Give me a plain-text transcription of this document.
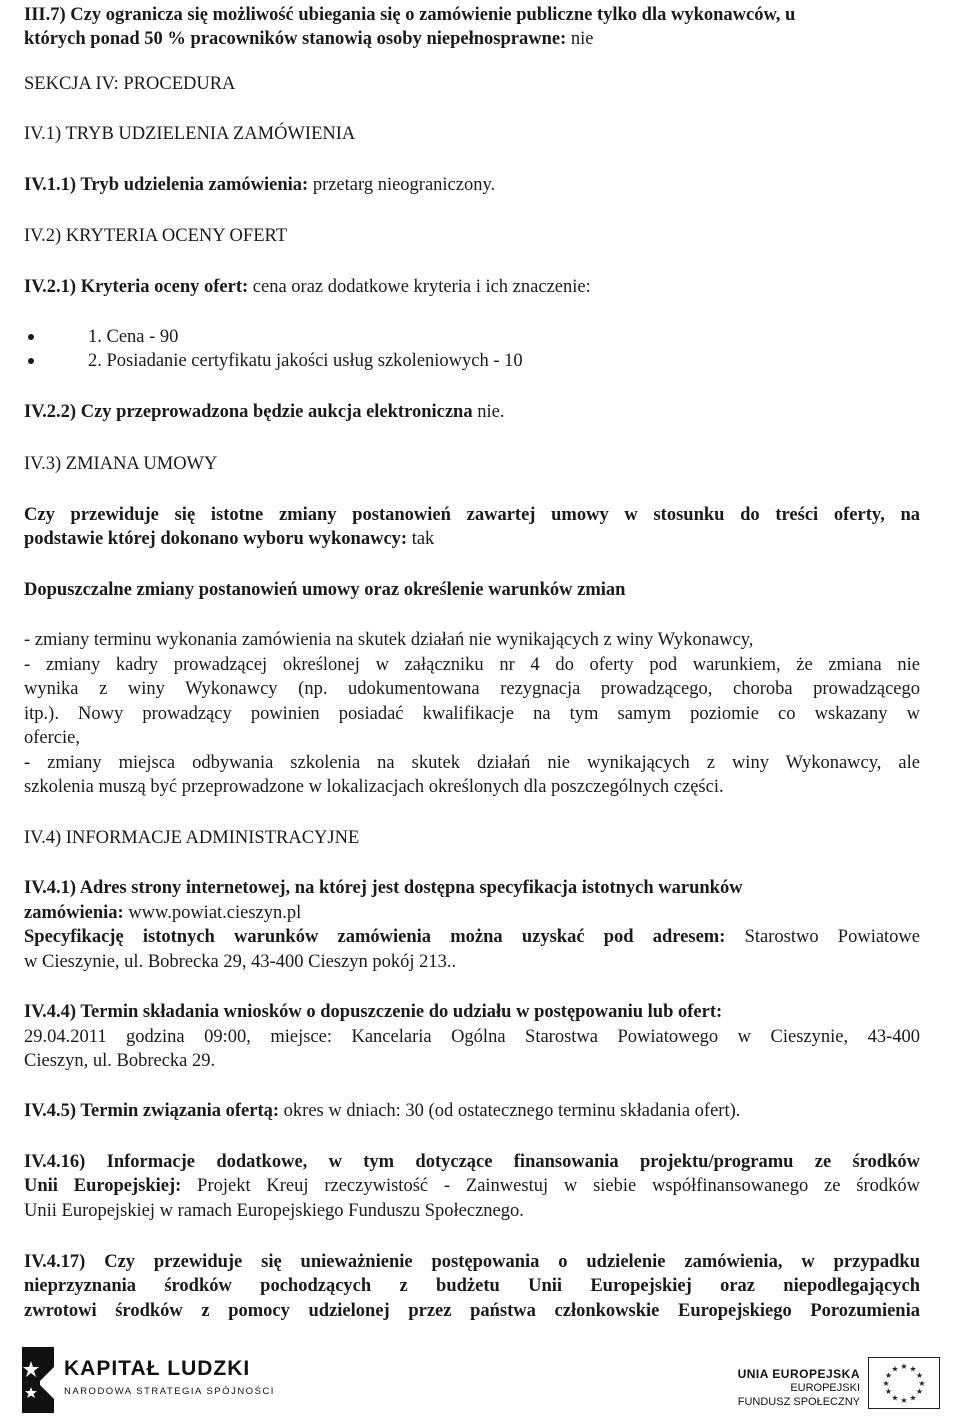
III.7) Czy ogranicza się możliwość ubiegania się o zamówienie publiczne tylko dla wykonawców, u
których ponad 50 % pracowników stanowią osoby niepełnosprawne: nie
SEKCJA IV: PROCEDURA
IV.1) TRYB UDZIELENIA ZAMÓWIENIA
IV.1.1) Tryb udzielenia zamówienia: przetarg nieograniczony.
IV.2) KRYTERIA OCENY OFERT
IV.2.1) Kryteria oceny ofert: cena oraz dodatkowe kryteria i ich znaczenie:
1. Cena - 90
2. Posiadanie certyfikatu jakości usług szkoleniowych - 10
IV.2.2) Czy przeprowadzona będzie aukcja elektroniczna nie.
IV.3) ZMIANA UMOWY
Czy przewiduje się istotne zmiany postanowień zawartej umowy w stosunku do treści oferty, na
podstawie której dokonano wyboru wykonawcy: tak
Dopuszczalne zmiany postanowień umowy oraz określenie warunków zmian
- zmiany terminu wykonania zamówienia na skutek działań nie wynikających z winy Wykonawcy,
- zmiany kadry prowadzącej określonej w załączniku nr 4 do oferty pod warunkiem, że zmiana nie
wynika z winy Wykonawcy (np. udokumentowana rezygnacja prowadzącego, choroba prowadzącego
itp.). Nowy prowadzący powinien posiadać kwalifikacje na tym samym poziomie co wskazany w
ofercie,
- zmiany miejsca odbywania szkolenia na skutek działań nie wynikających z winy Wykonawcy, ale
szkolenia muszą być przeprowadzone w lokalizacjach określonych dla poszczególnych części.
IV.4) INFORMACJE ADMINISTRACYJNE
IV.4.1) Adres strony internetowej, na której jest dostępna specyfikacja istotnych warunków
zamówienia: www.powiat.cieszyn.pl
Specyfikację istotnych warunków zamówienia można uzyskać pod adresem: Starostwo Powiatowe
w Cieszynie, ul. Bobrecka 29, 43-400 Cieszyn pokój 213..
IV.4.4) Termin składania wniosków o dopuszczenie do udziału w postępowaniu lub ofert:
29.04.2011 godzina 09:00, miejsce: Kancelaria Ogólna Starostwa Powiatowego w Cieszynie, 43-400
Cieszyn, ul. Bobrecka 29.
IV.4.5) Termin związania ofertą: okres w dniach: 30 (od ostatecznego terminu składania ofert).
IV.4.16) Informacje dodatkowe, w tym dotyczące finansowania projektu/programu ze środków
Unii Europejskiej: Projekt Kreuj rzeczywistość - Zainwestuj w siebie współfinansowanego ze środków
Unii Europejskiej w ramach Europejskiego Funduszu Społecznego.
IV.4.17) Czy przewiduje się unieważnienie postępowania o udzielenie zamówienia, w przypadku
nieprzyznania środków pochodzących z budżetu Unii Europejskiej oraz niepodlegających
zwrotowi środków z pomocy udzielonej przez państwa członkowskie Europejskiego Porozumienia
KAPITAŁ LUDZKI
NARODOWA STRATEGIA SPÓJNOŚCI
UNIA EUROPEJSKA
EUROPEJSKI
FUNDUSZ SPOŁECZNY
★ ★
★
★
★
★
★
★
★
★
★
★
